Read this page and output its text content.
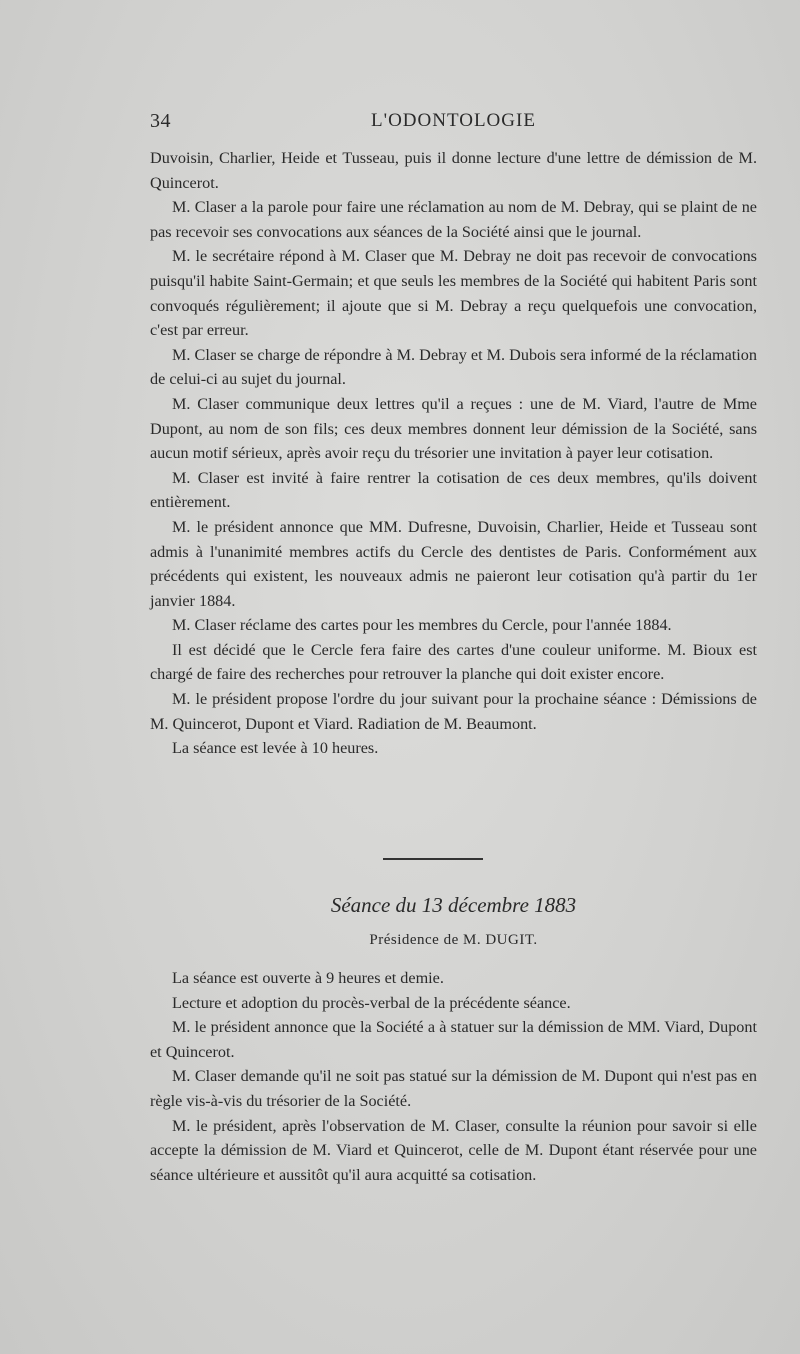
34	L'ODONTOLOGIE

Duvoisin, Charlier, Heide et Tusseau, puis il donne lecture d'une lettre de démission de M. Quincerot.

M. Claser a la parole pour faire une réclamation au nom de M. Debray, qui se plaint de ne pas recevoir ses convocations aux séances de la Société ainsi que le journal.

M. le secrétaire répond à M. Claser que M. Debray ne doit pas recevoir de convocations puisqu'il habite Saint-Germain; et que seuls les membres de la Société qui habitent Paris sont convoqués régulièrement; il ajoute que si M. Debray a reçu quelquefois une convocation, c'est par erreur.

M. Claser se charge de répondre à M. Debray et M. Dubois sera informé de la réclamation de celui-ci au sujet du journal.

M. Claser communique deux lettres qu'il a reçues : une de M. Viard, l'autre de Mme Dupont, au nom de son fils; ces deux membres donnent leur démission de la Société, sans aucun motif sérieux, après avoir reçu du trésorier une invitation à payer leur cotisation.

M. Claser est invité à faire rentrer la cotisation de ces deux membres, qu'ils doivent entièrement.

M. le président annonce que MM. Dufresne, Duvoisin, Charlier, Heide et Tusseau sont admis à l'unanimité membres actifs du Cercle des dentistes de Paris. Conformément aux précédents qui existent, les nouveaux admis ne paieront leur cotisation qu'à partir du 1er janvier 1884.

M. Claser réclame des cartes pour les membres du Cercle, pour l'année 1884.

Il est décidé que le Cercle fera faire des cartes d'une couleur uniforme. M. Bioux est chargé de faire des recherches pour retrouver la planche qui doit exister encore.

M. le président propose l'ordre du jour suivant pour la prochaine séance : Démissions de M. Quincerot, Dupont et Viard. Radiation de M. Beaumont.

La séance est levée à 10 heures.

Séance du 13 décembre 1883
Présidence de M. DUGIT.

La séance est ouverte à 9 heures et demie.

Lecture et adoption du procès-verbal de la précédente séance.

M. le président annonce que la Société a à statuer sur la démission de MM. Viard, Dupont et Quincerot.

M. Claser demande qu'il ne soit pas statué sur la démission de M. Dupont qui n'est pas en règle vis-à-vis du trésorier de la Société.

M. le président, après l'observation de M. Claser, consulte la réunion pour savoir si elle accepte la démission de M. Viard et Quincerot, celle de M. Dupont étant réservée pour une séance ultérieure et aussitôt qu'il aura acquitté sa cotisation.
